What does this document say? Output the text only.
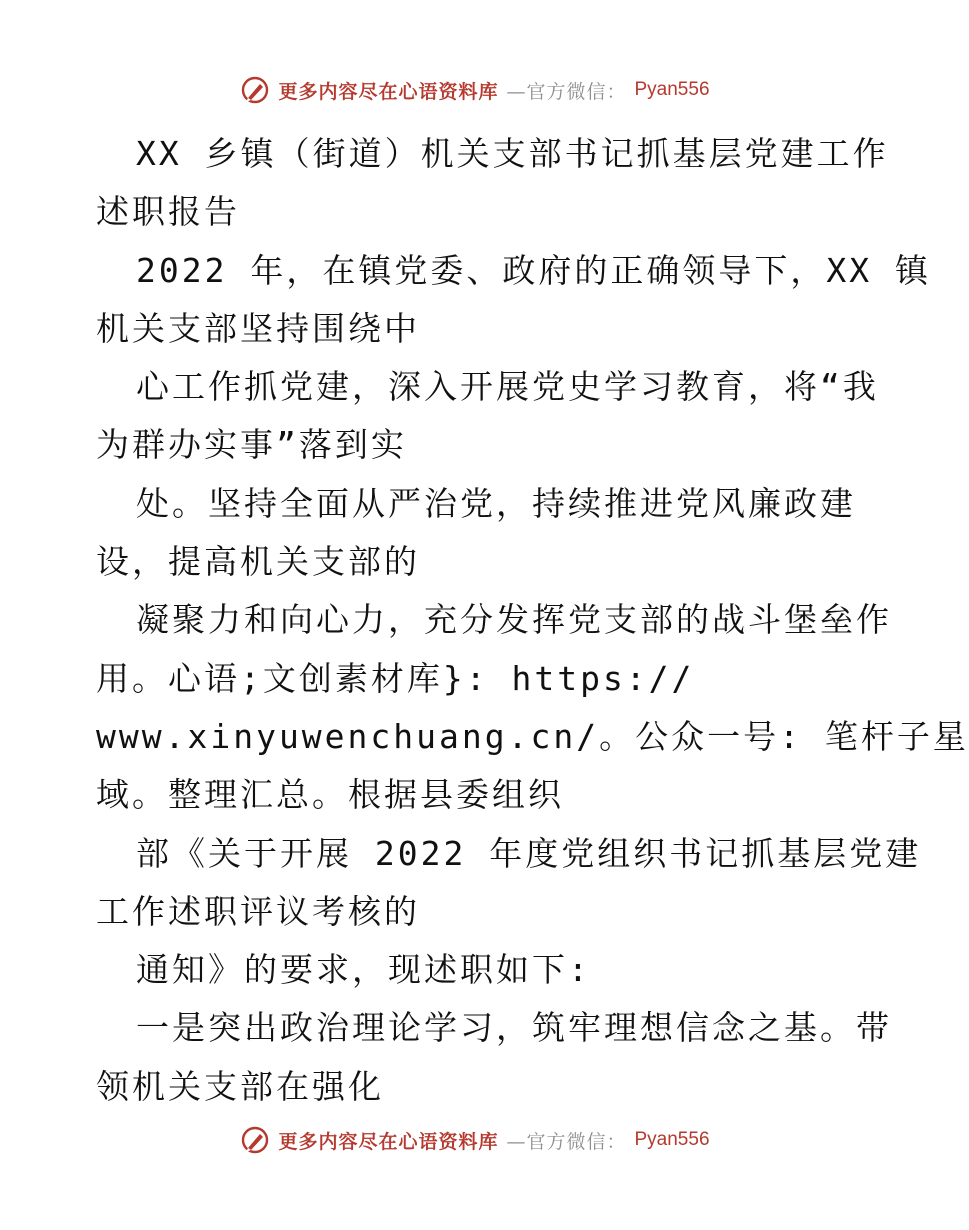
更多内容尽在心语资料库 —官方微信： Pyan556
XX 乡镇（街道）机关支部书记抓基层党建工作
述职报告
2022 年，在镇党委、政府的正确领导下，XX 镇
机关支部坚持围绕中
心工作抓党建，深入开展党史学习教育，将“我
为群办实事”落到实
处。坚持全面从严治党，持续推进党风廉政建
设，提高机关支部的
凝聚力和向心力，充分发挥党支部的战斗堡垒作
用。心语;文创素材库}: https://
www.xinyuwenchuang.cn/。公众一号: 笔杆子星
域。整理汇总。根据县委组织
部《关于开展 2022 年度党组织书记抓基层党建
工作述职评议考核的
通知》的要求，现述职如下:
一是突出政治理论学习，筑牢理想信念之基。带
领机关支部在强化
更多内容尽在心语资料库 —官方微信： Pyan556
